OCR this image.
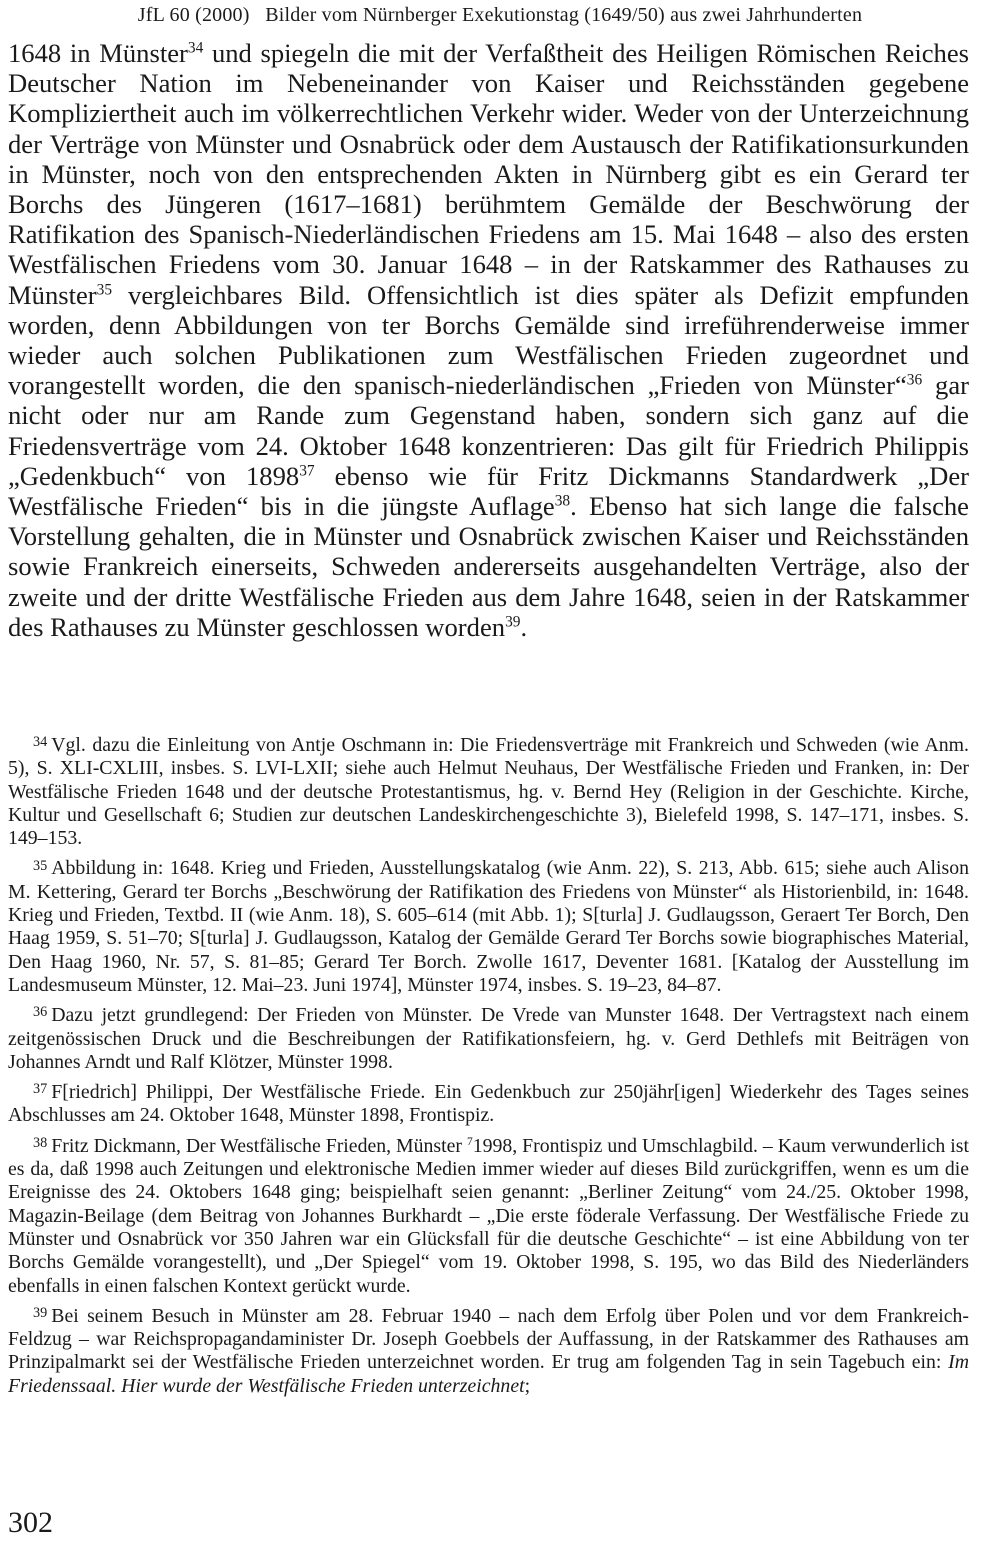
JfL 60 (2000) Bilder vom Nürnberger Exekutionstag (1649/50) aus zwei Jahrhunderten

1648 in Münster$^{34}$ und spiegeln die mit der Verfaßtheit des Heiligen Römischen Reiches Deutscher Nation im Nebeneinander von Kaiser und Reichsständen gegebene Kompliziertheit auch im völkerrechtlichen Verkehr wider. Weder von der Unterzeichnung der Verträge von Münster und Osnabrück oder dem Austausch der Ratifikationsurkunden in Münster, noch von den entsprechenden Akten in Nürnberg gibt es ein Gerard ter Borchs des Jüngeren (1617–1681) berühmtem Gemälde der Beschwörung der Ratifikation des Spanisch-Niederländischen Friedens am 15. Mai 1648 – also des ersten Westfälischen Friedens vom 30. Januar 1648 – in der Ratskammer des Rathauses zu Münster$^{35}$ vergleichbares Bild. Offensichtlich ist dies später als Defizit empfunden worden, denn Abbildungen von ter Borchs Gemälde sind irreführenderweise immer wieder auch solchen Publikationen zum Westfälischen Frieden zugeordnet und vorangestellt worden, die den spanisch-niederländischen „Frieden von Münster“$^{36}$ gar nicht oder nur am Rande zum Gegenstand haben, sondern sich ganz auf die Friedensverträge vom 24. Oktober 1648 konzentrieren: Das gilt für Friedrich Philippis „Gedenkbuch“ von 1898$^{37}$ ebenso wie für Fritz Dickmanns Standardwerk „Der Westfälische Frieden“ bis in die jüngste Auflage$^{38}$. Ebenso hat sich lange die falsche Vorstellung gehalten, die in Münster und Osnabrück zwischen Kaiser und Reichsständen sowie Frankreich einerseits, Schweden andererseits ausgehandelten Verträge, also der zweite und der dritte Westfälische Frieden aus dem Jahre 1648, seien in der Ratskammer des Rathauses zu Münster geschlossen worden$^{39}$.

$^{34}$ Vgl. dazu die Einleitung von Antje Oschmann in: Die Friedensverträge mit Frankreich und Schweden (wie Anm. 5), S. XLI-CXLIII, insbes. S. LVI-LXII; siehe auch Helmut Neuhaus, Der Westfälische Frieden und Franken, in: Der Westfälische Frieden 1648 und der deutsche Protestantismus, hg. v. Bernd Hey (Religion in der Geschichte. Kirche, Kultur und Gesellschaft 6; Studien zur deutschen Landeskirchengeschichte 3), Bielefeld 1998, S. 147–171, insbes. S. 149–153.

$^{35}$ Abbildung in: 1648. Krieg und Frieden, Ausstellungskatalog (wie Anm. 22), S. 213, Abb. 615; siehe auch Alison M. Kettering, Gerard ter Borchs „Beschwörung der Ratifikation des Friedens von Münster“ als Historienbild, in: 1648. Krieg und Frieden, Textbd. II (wie Anm. 18), S. 605–614 (mit Abb. 1); S[turla] J. Gudlaugsson, Geraert Ter Borch, Den Haag 1959, S. 51–70; S[turla] J. Gudlaugsson, Katalog der Gemälde Gerard Ter Borchs sowie biographisches Material, Den Haag 1960, Nr. 57, S. 81–85; Gerard Ter Borch. Zwolle 1617, Deventer 1681. [Katalog der Ausstellung im Landesmuseum Münster, 12. Mai–23. Juni 1974], Münster 1974, insbes. S. 19–23, 84–87.

$^{36}$ Dazu jetzt grundlegend: Der Frieden von Münster. De Vrede van Munster 1648. Der Vertragstext nach einem zeitgenössischen Druck und die Beschreibungen der Ratifikationsfeiern, hg. v. Gerd Dethlefs mit Beiträgen von Johannes Arndt und Ralf Klötzer, Münster 1998.

$^{37}$ F[riedrich] Philippi, Der Westfälische Friede. Ein Gedenkbuch zur 250jähr[igen] Wiederkehr des Tages seines Abschlusses am 24. Oktober 1648, Münster 1898, Frontispiz.

$^{38}$ Fritz Dickmann, Der Westfälische Frieden, Münster $^7$1998, Frontispiz und Umschlagbild. – Kaum verwunderlich ist es da, daß 1998 auch Zeitungen und elektronische Medien immer wieder auf dieses Bild zurückgriffen, wenn es um die Ereignisse des 24. Oktobers 1648 ging; beispielhaft seien genannt: „Berliner Zeitung“ vom 24./25. Oktober 1998, Magazin-Beilage (dem Beitrag von Johannes Burkhardt – „Die erste föderale Verfassung. Der Westfälische Friede zu Münster und Osnabrück vor 350 Jahren war ein Glücksfall für die deutsche Geschichte“ – ist eine Abbildung von ter Borchs Gemälde vorangestellt), und „Der Spiegel“ vom 19. Oktober 1998, S. 195, wo das Bild des Niederländers ebenfalls in einen falschen Kontext gerückt wurde.

$^{39}$ Bei seinem Besuch in Münster am 28. Februar 1940 – nach dem Erfolg über Polen und vor dem Frankreich-Feldzug – war Reichspropagandaminister Dr. Joseph Goebbels der Auffassung, in der Ratskammer des Rathauses am Prinzipalmarkt sei der Westfälische Frieden unterzeichnet worden. Er trug am folgenden Tag in sein Tagebuch ein: Im Friedenssaal. Hier wurde der Westfälische Frieden unterzeichnet;

302
